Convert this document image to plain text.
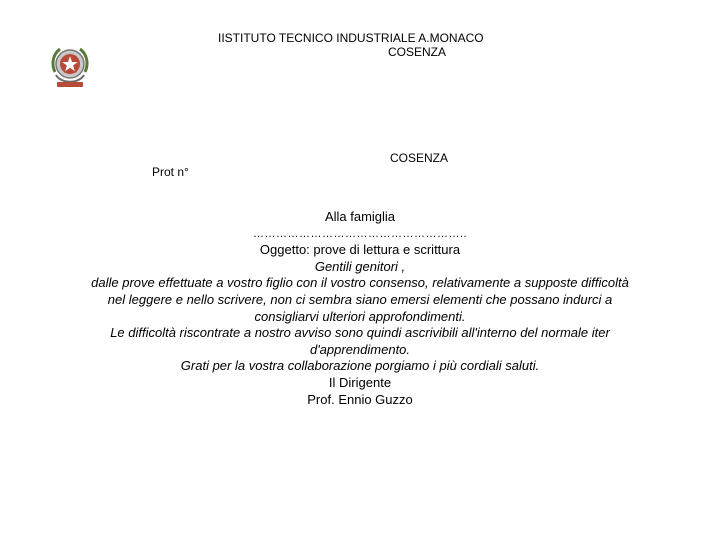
IISTITUTO TECNICO INDUSTRIALE A.MONACO
COSENZA
COSENZA
Prot n°
Alla famiglia
………………………………………………..
Oggetto: prove di lettura e scrittura
Gentili genitori ,
dalle prove effettuate a vostro figlio con il vostro consenso, relativamente a supposte difficoltà
nel leggere e nello scrivere, non ci sembra siano emersi elementi che possano indurci a
consigliarvi ulteriori approfondimenti.
Le difficoltà riscontrate a nostro avviso sono quindi ascrivibili all'interno del normale iter
d'apprendimento.
Grati per la vostra collaborazione porgiamo i più cordiali saluti.
Il Dirigente
Prof. Ennio Guzzo
